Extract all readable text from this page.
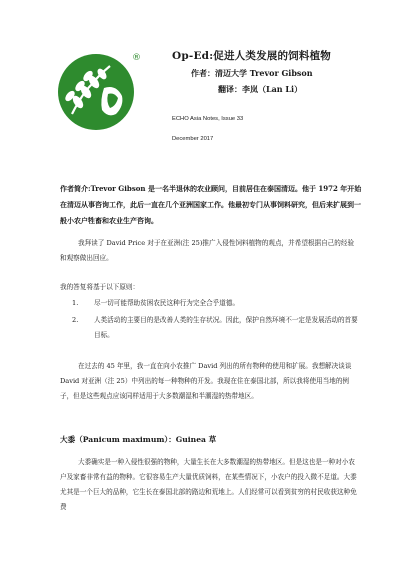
®	Op-Ed:促进人类发展的饲料植物
作者：清迈大学 Trevor Gibson
翻译：李岚（Lan Li）
ECHO Asia Notes, Issue 33
December 2017
作者简介:Trevor Gibson 是一名半退休的农业顾问，目前居住在泰国清迈。他于 1972 年开始在清迈从事咨询工作，此后一直在几个亚洲国家工作。他最初专门从事饲料研究，但后来扩展到一般小农户牲畜和农业生产咨询。
我拜读了 David Price 对于在亚洲(注 25)推广入侵性饲料植物的观点，并希望根据自己的经验和观察做出回应。
我的答复将基于以下原则：
1.	尽一切可能帮助贫困农民这种行为完全合乎道德。
2.	人类活动的主要目的是改善人类的生存状况。因此，保护自然环境不一定是发展活动的首要目标。
在过去的 45 年里，我一直在向小农推广 David 列出的所有物种的使用和扩展。我想解决谈谈 David 对亚洲（注 25）中列出的每一种物种的开发。我现在住在泰国北部，所以我将使用当地的例子，但是这些观点应该同样适用于大多数潮湿和半潮湿的热带地区。
大黍（Panicum maximum）：Guinea 草
大黍确实是一种入侵性很强的物种，大量生长在大多数潮湿的热带地区。但是这也是一种对小农户及家畜非常有益的物种。它很容易生产大量优质饲料，在某些情况下，小农户的投入微不足道。大黍尤其是一个巨大的品种，它生长在泰国北部的路边和荒地上。人们经常可以看到贫穷的村民收获这种免费
